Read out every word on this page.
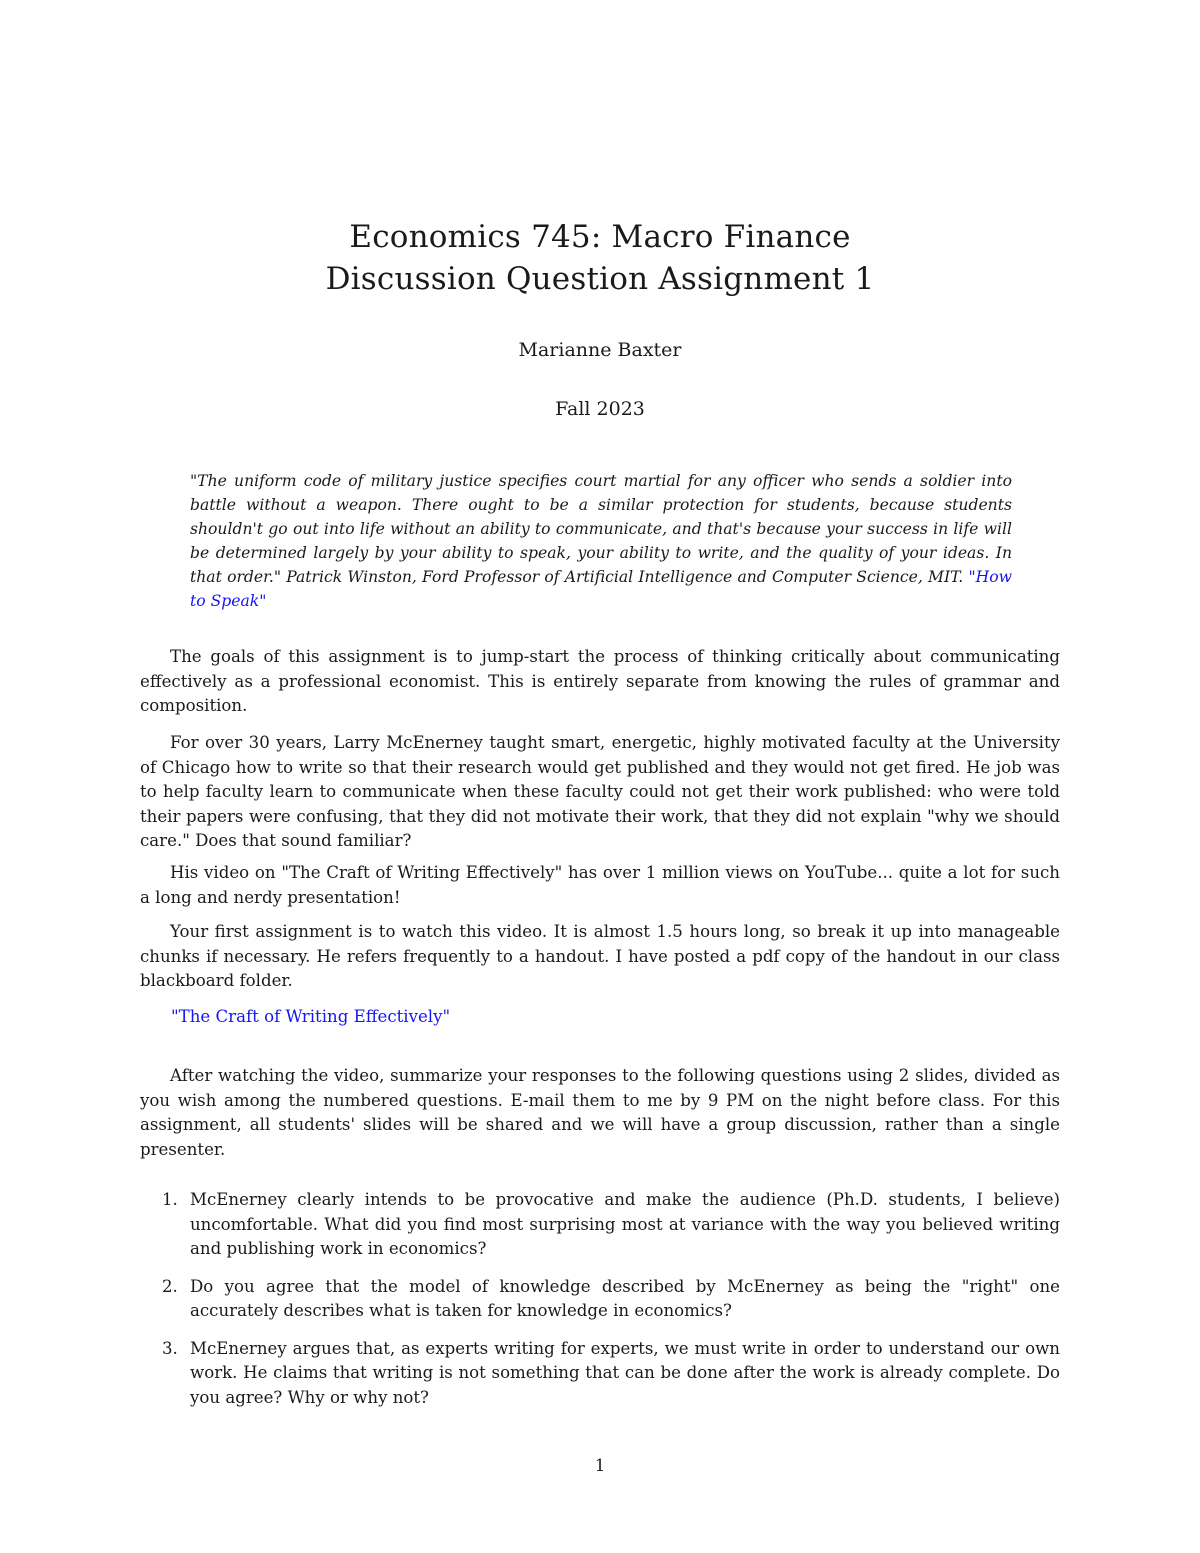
Economics 745: Macro Finance
Discussion Question Assignment 1
Marianne Baxter
Fall 2023
"The uniform code of military justice specifies court martial for any officer who sends a soldier into battle without a weapon. There ought to be a similar protection for students, because students shouldn't go out into life without an ability to communicate, and that's because your success in life will be determined largely by your ability to speak, your ability to write, and the quality of your ideas. In that order." Patrick Winston, Ford Professor of Artificial Intelligence and Computer Science, MIT. "How to Speak"

The goals of this assignment is to jump-start the process of thinking critically about communicating effectively as a professional economist. This is entirely separate from knowing the rules of grammar and composition.

For over 30 years, Larry McEnerney taught smart, energetic, highly motivated faculty at the University of Chicago how to write so that their research would get published and they would not get fired. He job was to help faculty learn to communicate when these faculty could not get their work published: who were told their papers were confusing, that they did not motivate their work, that they did not explain "why we should care." Does that sound familiar?

His video on "The Craft of Writing Effectively" has over 1 million views on YouTube... quite a lot for such a long and nerdy presentation!

Your first assignment is to watch this video. It is almost 1.5 hours long, so break it up into manageable chunks if necessary. He refers frequently to a handout. I have posted a pdf copy of the handout in our class blackboard folder.

"The Craft of Writing Effectively"

After watching the video, summarize your responses to the following questions using 2 slides, divided as you wish among the numbered questions. E-mail them to me by 9 PM on the night before class. For this assignment, all students' slides will be shared and we will have a group discussion, rather than a single presenter.

1. McEnerney clearly intends to be provocative and make the audience (Ph.D. students, I believe) uncomfortable. What did you find most surprising most at variance with the way you believed writing and publishing work in economics?
2. Do you agree that the model of knowledge described by McEnerney as being the "right" one accurately describes what is taken for knowledge in economics?
3. McEnerney argues that, as experts writing for experts, we must write in order to understand our own work. He claims that writing is not something that can be done after the work is already complete. Do you agree? Why or why not?
1
